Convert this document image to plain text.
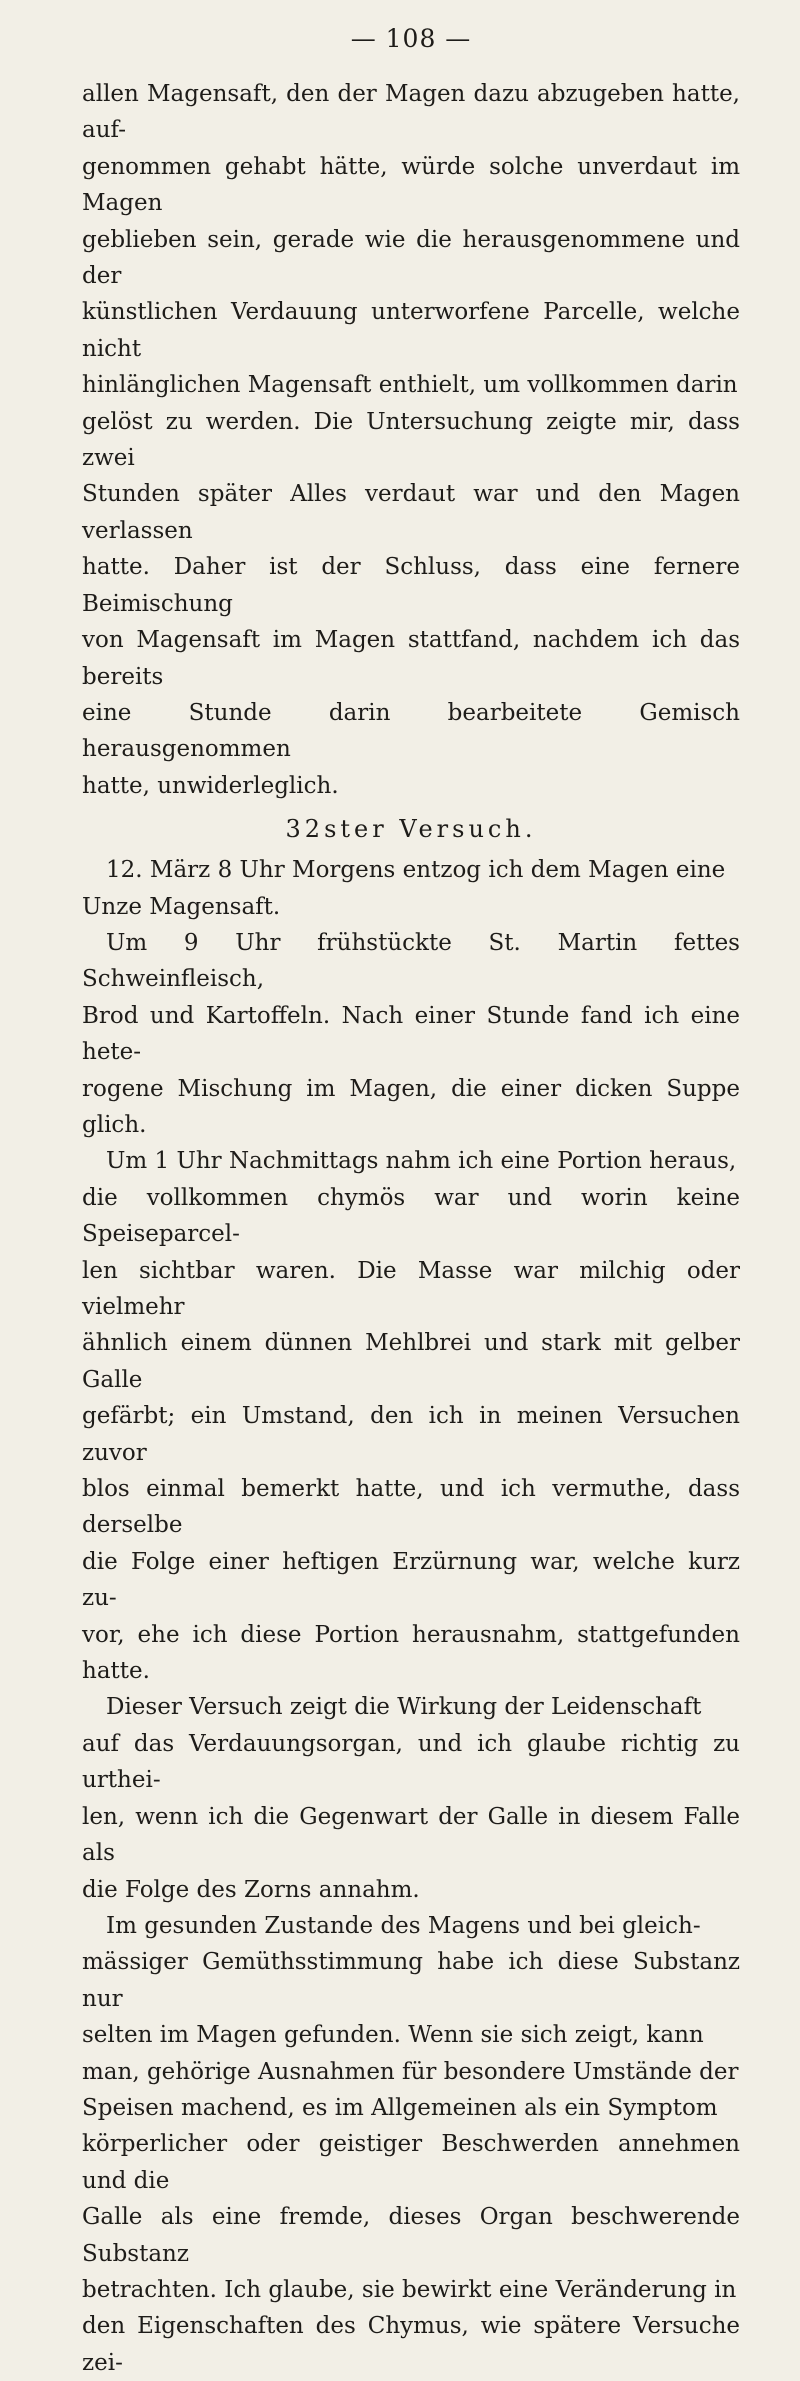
— 108 —

allen Magensaft, den der Magen dazu abzugeben hatte, auf-
genommen gehabt hätte, würde solche unverdaut im Magen
geblieben sein, gerade wie die herausgenommene und der
künstlichen Verdauung unterworfene Parcelle, welche nicht
hinlänglichen Magensaft enthielt, um vollkommen darin
gelöst zu werden. Die Untersuchung zeigte mir, dass zwei
Stunden später Alles verdaut war und den Magen verlassen
hatte. Daher ist der Schluss, dass eine fernere Beimischung
von Magensaft im Magen stattfand, nachdem ich das bereits
eine Stunde darin bearbeitete Gemisch herausgenommen
hatte, unwiderleglich.

32ster Versuch.

12. März 8 Uhr Morgens entzog ich dem Magen eine
Unze Magensaft.

Um 9 Uhr frühstückte St. Martin fettes Schweinfleisch,
Brod und Kartoffeln. Nach einer Stunde fand ich eine hete-
rogene Mischung im Magen, die einer dicken Suppe glich.

Um 1 Uhr Nachmittags nahm ich eine Portion heraus,
die vollkommen chymös war und worin keine Speiseparcel-
len sichtbar waren. Die Masse war milchig oder vielmehr
ähnlich einem dünnen Mehlbrei und stark mit gelber Galle
gefärbt; ein Umstand, den ich in meinen Versuchen zuvor
blos einmal bemerkt hatte, und ich vermuthe, dass derselbe
die Folge einer heftigen Erzürnung war, welche kurz zu-
vor, ehe ich diese Portion herausnahm, stattgefunden hatte.

Dieser Versuch zeigt die Wirkung der Leidenschaft
auf das Verdauungsorgan, und ich glaube richtig zu urthei-
len, wenn ich die Gegenwart der Galle in diesem Falle als
die Folge des Zorns annahm.

Im gesunden Zustande des Magens und bei gleich-
mässiger Gemüthsstimmung habe ich diese Substanz nur
selten im Magen gefunden. Wenn sie sich zeigt, kann
man, gehörige Ausnahmen für besondere Umstände der
Speisen machend, es im Allgemeinen als ein Symptom
körperlicher oder geistiger Beschwerden annehmen und die
Galle als eine fremde, dieses Organ beschwerende Substanz
betrachten. Ich glaube, sie bewirkt eine Veränderung in
den Eigenschaften des Chymus, wie spätere Versuche zei-
